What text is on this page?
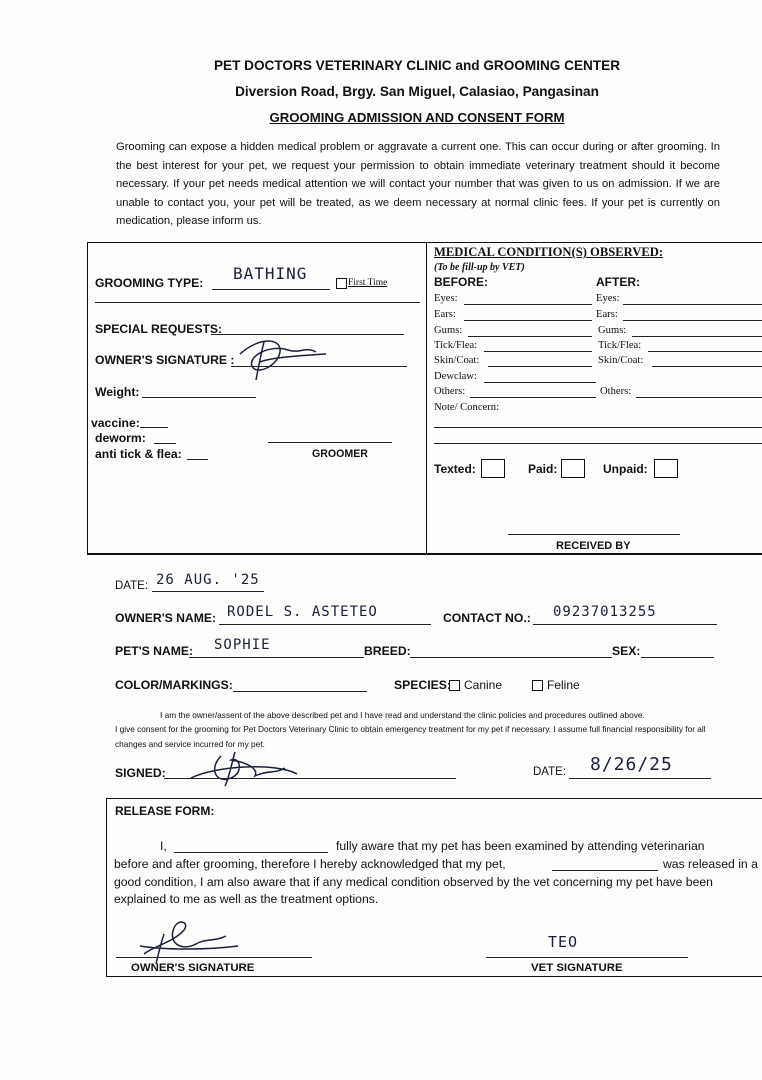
PET DOCTORS VETERINARY CLINIC and GROOMING CENTER
Diversion Road, Brgy. San Miguel, Calasiao, Pangasinan
GROOMING ADMISSION AND CONSENT FORM
Grooming can expose a hidden medical problem or aggravate a current one. This can occur during or after grooming. In the best interest for your pet, we request your permission to obtain immediate veterinary treatment should it become necessary. If your pet needs medical attention we will contact your number that was given to us on admission. If we are unable to contact you, your pet will be treated, as we deem necessary at normal clinic fees. If your pet is currently on medication, please inform us.
GROOMING TYPE: BATHING	First Time
SPECIAL REQUESTS:
OWNER'S SIGNATURE :
Weight:
vaccine:
deworm:
anti tick & flea:	GROOMER
MEDICAL CONDITION(S) OBSERVED:
(To be fill-up by VET)
BEFORE:	AFTER:
Eyes:	Eyes:
Ears:	Ears:
Gums:	Gums:
Tick/Flea:	Tick/Flea:
Skin/Coat:	Skin/Coat:
Dewclaw:
Others:	Others:
Note/ Concern:
Texted:	Paid:	Unpaid:
RECEIVED BY
DATE: 26 AUG. '25
OWNER'S NAME: RODEL S. ASTETEO	CONTACT NO.: 09237013255
PET'S NAME: SOPHIE	BREED:	SEX:
COLOR/MARKINGS:	SPECIES:	Canine	Feline
I am the owner/assent of the above described pet and I have read and understand the clinic policies and procedures outlined above.
I give consent for the grooming for Pet Doctors Veterinary Clinic to obtain emergency treatment for my pet if necessary. I assume full financial responsibility for all changes and service incurred for my pet.
SIGNED:	DATE: 8/26/25
RELEASE FORM:
I,	fully aware that my pet has been examined by attending veterinarian
before and after grooming, therefore I hereby acknowledged that my pet,	was released in a
good condition, I am also aware that if any medical condition observed by the vet concerning my pet have been
explained to me as well as the treatment options.
OWNER'S SIGNATURE
TEO
VET SIGNATURE
